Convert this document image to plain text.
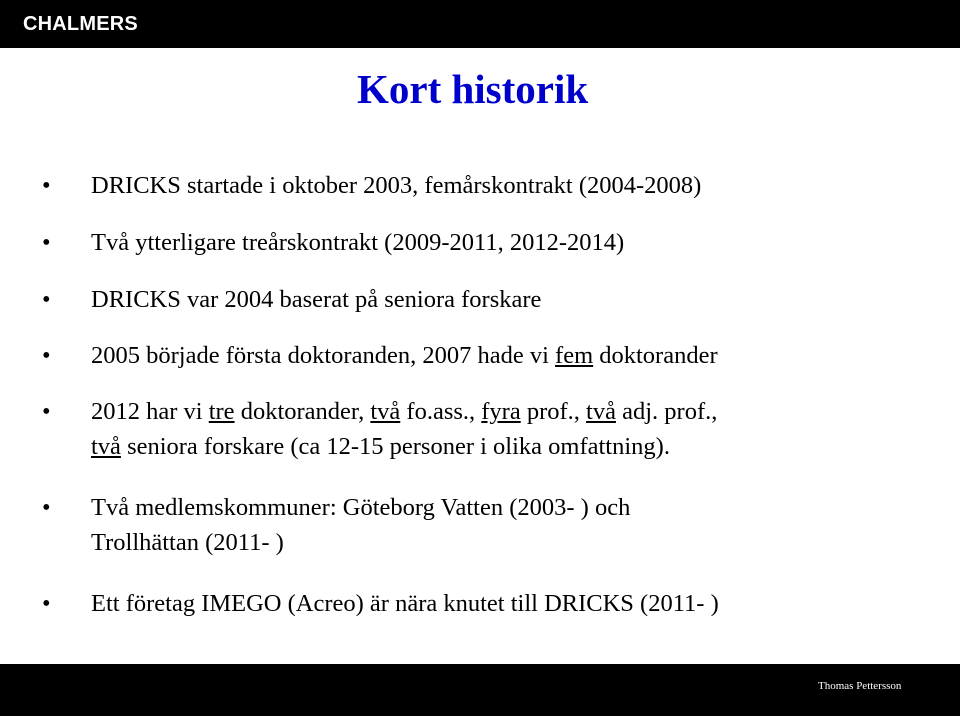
CHALMERS
Kort historik
• DRICKS startade i oktober 2003, femårskontrakt (2004-2008)
• Två ytterligare treårskontrakt (2009-2011, 2012-2014)
• DRICKS var 2004 baserat på seniora forskare
• 2005 började första doktoranden, 2007 hade vi fem doktorander
• 2012 har vi tre doktorander, två fo.ass., fyra prof., två adj. prof.,
två seniora forskare (ca 12-15 personer i olika omfattning).
• Två medlemskommuner: Göteborg Vatten (2003- ) och
Trollhättan (2011- )
• Ett företag IMEGO (Acreo) är nära knutet till DRICKS (2011- )
Thomas Pettersson
